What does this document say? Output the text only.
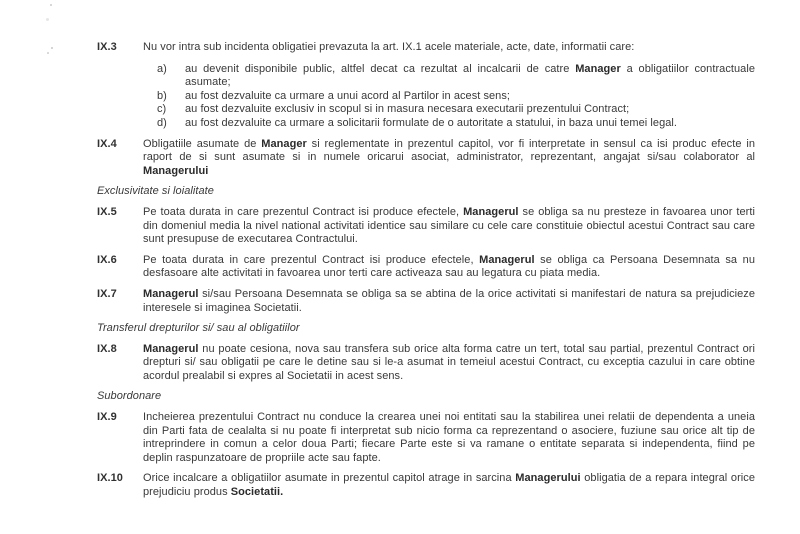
IX.3	Nu vor intra sub incidenta obligatiei prevazuta la art. IX.1 acele materiale, acte, date, informatii care:
a)	au devenit disponibile public, altfel decat ca rezultat al incalcarii de catre Manager a obligatiilor contractuale asumate;
b)	au fost dezvaluite ca urmare a unui acord al Partilor in acest sens;
c)	au fost dezvaluite exclusiv in scopul si in masura necesara executarii prezentului Contract;
d)	au fost dezvaluite ca urmare a solicitarii formulate de o autoritate a statului, in baza unui temei legal.
IX.4	Obligatiile asumate de Manager si reglementate in prezentul capitol, vor fi interpretate in sensul ca isi produc efecte in raport de si sunt asumate si in numele oricarui asociat, administrator, reprezentant, angajat si/sau colaborator al Managerului
Exclusivitate si loialitate
IX.5	Pe toata durata in care prezentul Contract isi produce efectele, Managerul se obliga sa nu presteze in favoarea unor terti din domeniul media la nivel national activitati identice sau similare cu cele care constituie obiectul acestui Contract sau care sunt presupuse de executarea Contractului.
IX.6	Pe toata durata in care prezentul Contract isi produce efectele, Managerul se obliga ca Persoana Desemnata sa nu desfasoare alte activitati in favoarea unor terti care activeaza sau au legatura cu piata media.
IX.7	Managerul si/sau Persoana Desemnata se obliga sa se abtina de la orice activitati si manifestari de natura sa prejudicieze interesele si imaginea Societatii.
Transferul drepturilor si/ sau al obligatiilor
IX.8	Managerul nu poate cesiona, nova sau transfera sub orice alta forma catre un tert, total sau partial, prezentul Contract ori drepturi si/ sau obligatii pe care le detine sau si le-a asumat in temeiul acestui Contract, cu exceptia cazului in care obtine acordul prealabil si expres al Societatii in acest sens.
Subordonare
IX.9	Incheierea prezentului Contract nu conduce la crearea unei noi entitati sau la stabilirea unei relatii de dependenta a uneia din Parti fata de cealalta si nu poate fi interpretat sub nicio forma ca reprezentand o asociere, fuziune sau orice alt tip de intreprindere in comun a celor doua Parti; fiecare Parte este si va ramane o entitate separata si independenta, fiind pe deplin raspunzatoare de propriile acte sau fapte.
IX.10	Orice incalcare a obligatiilor asumate in prezentul capitol atrage in sarcina Managerului obligatia de a repara integral orice prejudiciu produs Societatii.
